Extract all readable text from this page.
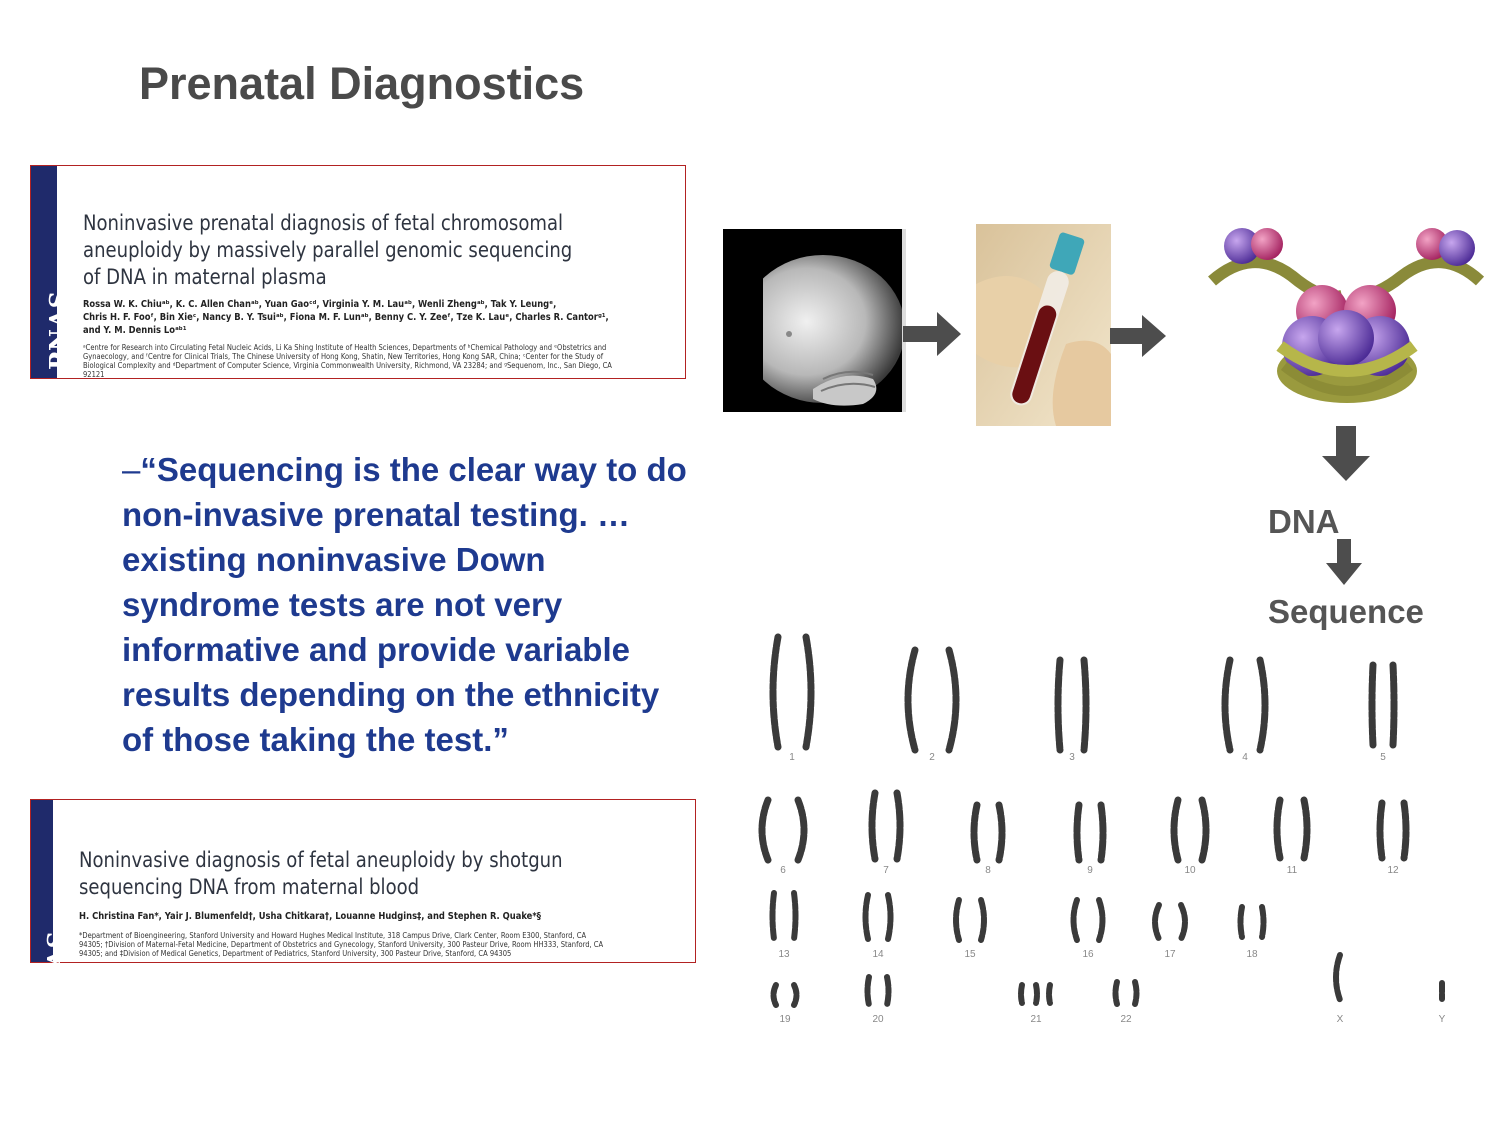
Prenatal Diagnostics
PNAS
Noninvasive prenatal diagnosis of fetal chromosomal
aneuploidy by massively parallel genomic sequencing
of DNA in maternal plasma
Rossa W. K. Chiuᵃᵇ, K. C. Allen Chanᵃᵇ, Yuan Gaoᶜᵈ, Virginia Y. M. Lauᵃᵇ, Wenli Zhengᵃᵇ, Tak Y. Leungᵉ,
Chris H. F. Fooᶠ, Bin Xieᶜ, Nancy B. Y. Tsuiᵃᵇ, Fiona M. F. Lunᵃᵇ, Benny C. Y. Zeeᶠ, Tze K. Lauᵉ, Charles R. Cantorᵍ¹,
and Y. M. Dennis Loᵃᵇ¹
ᵃCentre for Research into Circulating Fetal Nucleic Acids, Li Ka Shing Institute of Health Sciences, Departments of ᵇChemical Pathology and ᵉObstetrics and
Gynaecology, and ᶠCentre for Clinical Trials, The Chinese University of Hong Kong, Shatin, New Territories, Hong Kong SAR, China; ᶜCenter for the Study of
Biological Complexity and ᵈDepartment of Computer Science, Virginia Commonwealth University, Richmond, VA 23284; and ᵍSequenom, Inc., San Diego, CA
92121
–“Sequencing is the clear way to do non-invasive prenatal testing. … existing noninvasive Down syndrome tests are not very informative and provide variable results depending on the ethnicity of those taking the test.”
PNAS
Noninvasive diagnosis of fetal aneuploidy by shotgun
sequencing DNA from maternal blood
H. Christina Fan*, Yair J. Blumenfeld†, Usha Chitkara†, Louanne Hudgins‡, and Stephen R. Quake*§
*Department of Bioengineering, Stanford University and Howard Hughes Medical Institute, 318 Campus Drive, Clark Center, Room E300, Stanford, CA
94305; †Division of Maternal-Fetal Medicine, Department of Obstetrics and Gynecology, Stanford University, 300 Pasteur Drive, Room HH333, Stanford, CA
94305; and ‡Division of Medical Genetics, Department of Pediatrics, Stanford University, 300 Pasteur Drive, Stanford, CA 94305
DNA
Sequence
1	2	3	4	5
6	7	8	9	10	11	12
13	14	15	16	17	18
19	20	21	22	X	Y
